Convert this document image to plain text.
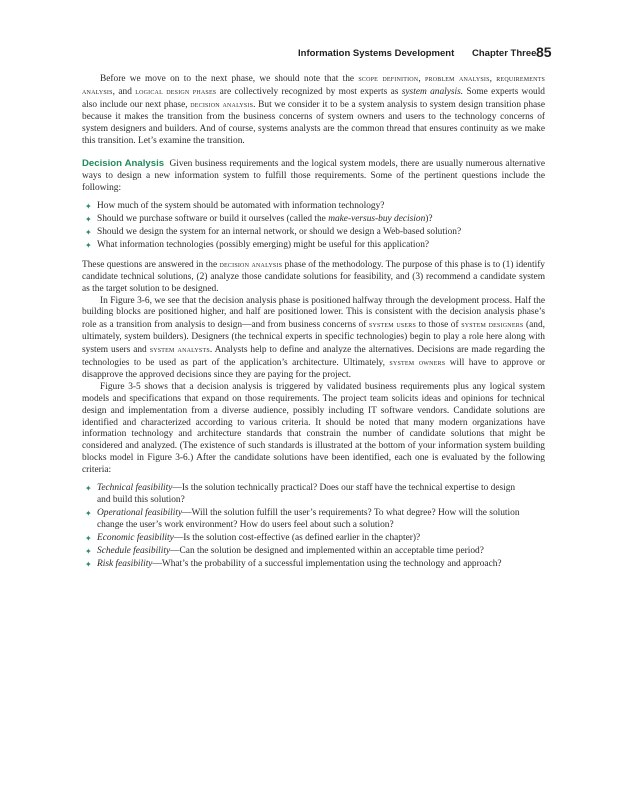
Information Systems Development Chapter Three 85

Before we move on to the next phase, we should note that the scope definition, problem analysis, requirements analysis, and logical design phases are collectively recognized by most experts as system analysis. Some experts would also include our next phase, decision analysis. But we consider it to be a system analysis to system design transition phase because it makes the transition from the business concerns of system owners and users to the technology concerns of system designers and builders. And of course, systems analysts are the common thread that ensures continuity as we make this transition. Let’s examine the transition.

Decision Analysis Given business requirements and the logical system models, there are usually numerous alternative ways to design a new information system to fulfill those requirements. Some of the pertinent questions include the following:

✦ How much of the system should be automated with information technology?
✦ Should we purchase software or build it ourselves (called the make-versus-buy decision)?
✦ Should we design the system for an internal network, or should we design a Web-based solution?
✦ What information technologies (possibly emerging) might be useful for this application?

These questions are answered in the decision analysis phase of the methodology. The purpose of this phase is to (1) identify candidate technical solutions, (2) analyze those candidate solutions for feasibility, and (3) recommend a candidate system as the target solution to be designed.

In Figure 3-6, we see that the decision analysis phase is positioned halfway through the development process. Half the building blocks are positioned higher, and half are positioned lower. This is consistent with the decision analysis phase’s role as a transition from analysis to design—and from business concerns of system users to those of system designers (and, ultimately, system builders). Designers (the technical experts in specific technologies) begin to play a role here along with system users and system analysts. Analysts help to define and analyze the alternatives. Decisions are made regarding the technologies to be used as part of the application’s architecture. Ultimately, system owners will have to approve or disapprove the approved decisions since they are paying for the project.

Figure 3-5 shows that a decision analysis is triggered by validated business requirements plus any logical system models and specifications that expand on those requirements. The project team solicits ideas and opinions for technical design and implementation from a diverse audience, possibly including IT software vendors. Candidate solutions are identified and characterized according to various criteria. It should be noted that many modern organizations have information technology and architecture standards that constrain the number of candidate solutions that might be considered and analyzed. (The existence of such standards is illustrated at the bottom of your information system building blocks model in Figure 3-6.) After the candidate solutions have been identified, each one is evaluated by the following criteria:

✦ Technical feasibility—Is the solution technically practical? Does our staff have the technical expertise to design and build this solution?
✦ Operational feasibility—Will the solution fulfill the user’s requirements? To what degree? How will the solution change the user’s work environment? How do users feel about such a solution?
✦ Economic feasibility—Is the solution cost-effective (as defined earlier in the chapter)?
✦ Schedule feasibility—Can the solution be designed and implemented within an acceptable time period?
✦ Risk feasibility—What’s the probability of a successful implementation using the technology and approach?
